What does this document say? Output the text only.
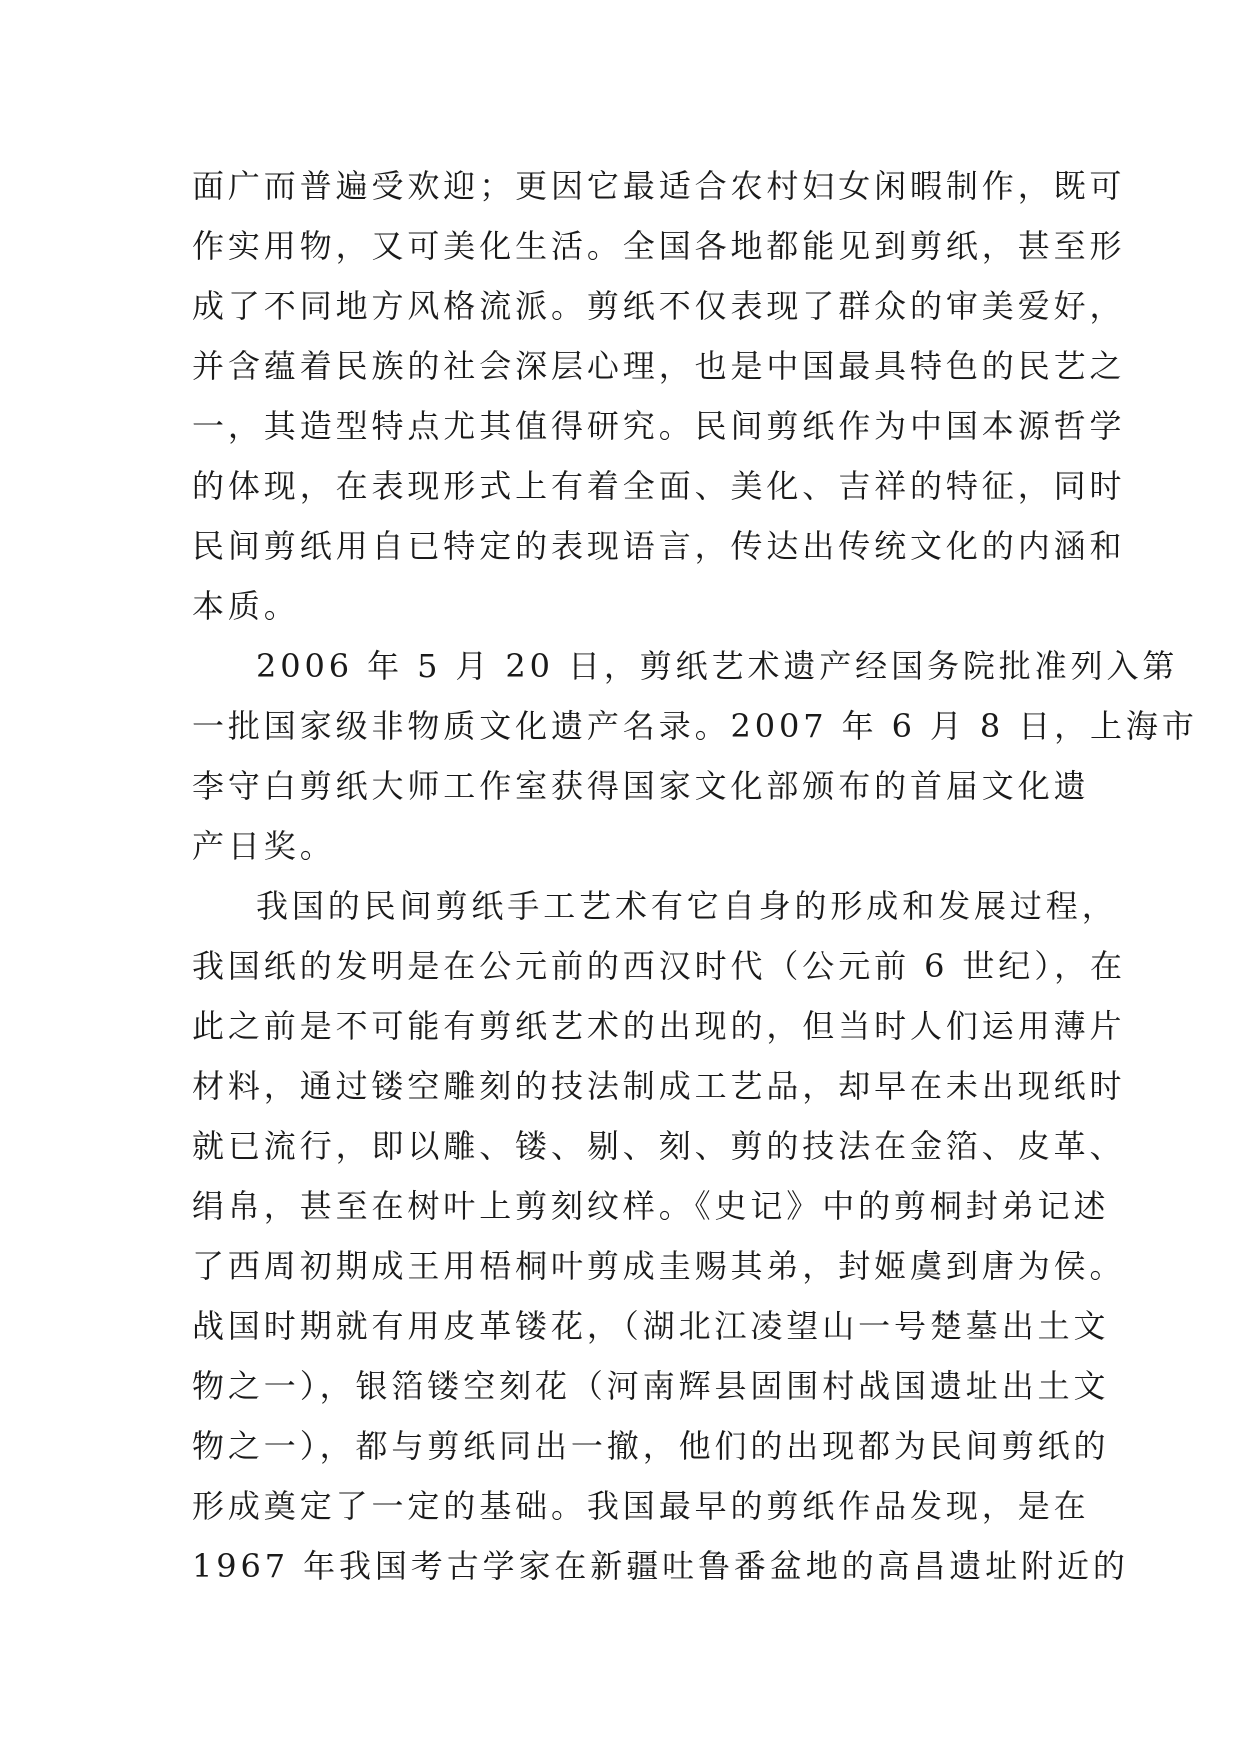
面广而普遍受欢迎；更因它最适合农村妇女闲暇制作，既可
作实用物，又可美化生活。全国各地都能见到剪纸，甚至形
成了不同地方风格流派。剪纸不仅表现了群众的审美爱好，
并含蕴着民族的社会深层心理，也是中国最具特色的民艺之
一，其造型特点尤其值得研究。民间剪纸作为中国本源哲学
的体现，在表现形式上有着全面、美化、吉祥的特征，同时
民间剪纸用自已特定的表现语言，传达出传统文化的内涵和
本质。
2006 年 5 月 20 日，剪纸艺术遗产经国务院批准列入第
一批国家级非物质文化遗产名录。2007 年 6 月 8 日，上海市
李守白剪纸大师工作室获得国家文化部颁布的首届文化遗
产日奖。
我国的民间剪纸手工艺术有它自身的形成和发展过程，
我国纸的发明是在公元前的西汉时代（公元前 6 世纪），在
此之前是不可能有剪纸艺术的出现的，但当时人们运用薄片
材料，通过镂空雕刻的技法制成工艺品，却早在未出现纸时
就已流行，即以雕、镂、剔、刻、剪的技法在金箔、皮革、
绢帛，甚至在树叶上剪刻纹样。《史记》中的剪桐封弟记述
了西周初期成王用梧桐叶剪成圭赐其弟，封姬虞到唐为侯。
战国时期就有用皮革镂花，（湖北江凌望山一号楚墓出土文
物之一），银箔镂空刻花（河南辉县固围村战国遗址出土文
物之一），都与剪纸同出一撤，他们的出现都为民间剪纸的
形成奠定了一定的基础。我国最早的剪纸作品发现，是在
1967 年我国考古学家在新疆吐鲁番盆地的高昌遗址附近的
